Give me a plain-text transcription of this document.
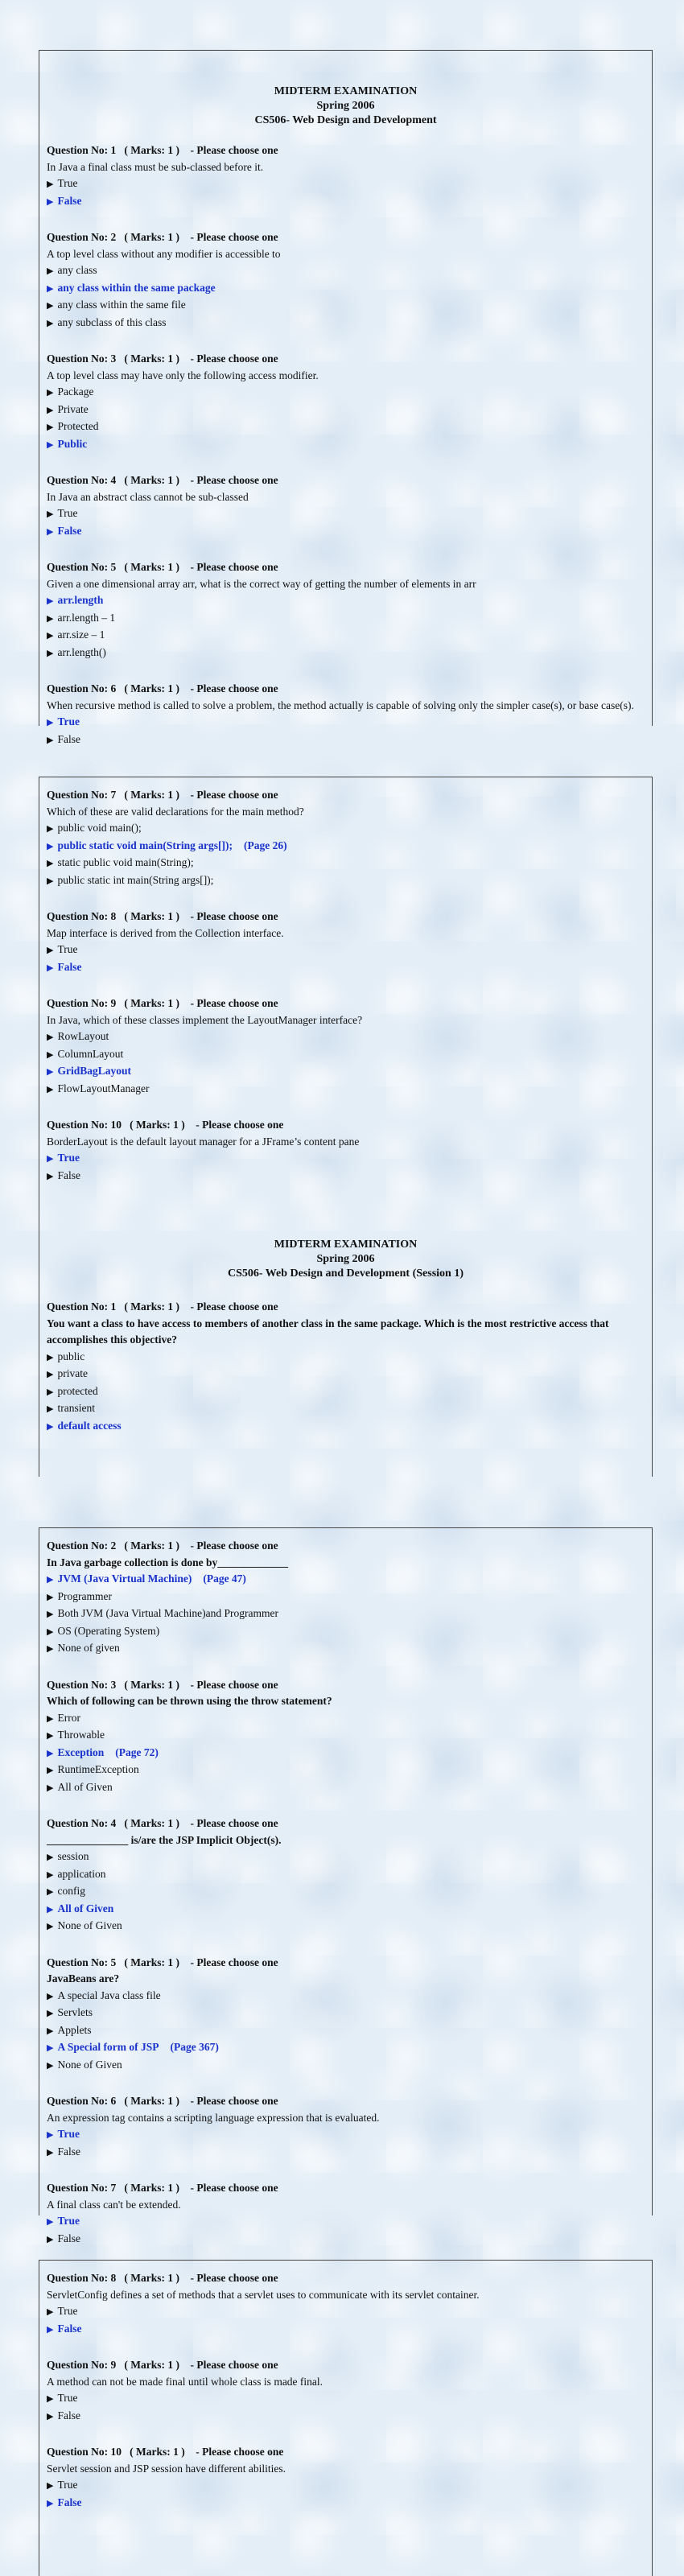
MIDTERM EXAMINATION
Spring 2006
CS506- Web Design and Development
Question No: 1 ( Marks: 1 ) - Please choose one
In Java a final class must be sub-classed before it.
▶ True
▶ False
Question No: 2 ( Marks: 1 ) - Please choose one
A top level class without any modifier is accessible to
▶ any class
▶ any class within the same package
▶ any class within the same file
▶ any subclass of this class
Question No: 3 ( Marks: 1 ) - Please choose one
A top level class may have only the following access modifier.
▶ Package
▶ Private
▶ Protected
▶ Public
Question No: 4 ( Marks: 1 ) - Please choose one
In Java an abstract class cannot be sub-classed
▶ True
▶ False
Question No: 5 ( Marks: 1 ) - Please choose one
Given a one dimensional array arr, what is the correct way of getting the number of elements in arr
▶ arr.length
▶ arr.length – 1
▶ arr.size – 1
▶ arr.length()
Question No: 6 ( Marks: 1 ) - Please choose one
When recursive method is called to solve a problem, the method actually is capable of solving only the simpler case(s), or base case(s).
▶ True
▶ False
Question No: 7 ( Marks: 1 ) - Please choose one
Which of these are valid declarations for the main method?
▶ public void main();
▶ public static void main(String args[]); (Page 26)
▶ static public void main(String);
▶ public static int main(String args[]);
Question No: 8 ( Marks: 1 ) - Please choose one
Map interface is derived from the Collection interface.
▶ True
▶ False
Question No: 9 ( Marks: 1 ) - Please choose one
In Java, which of these classes implement the LayoutManager interface?
▶ RowLayout
▶ ColumnLayout
▶ GridBagLayout
▶ FlowLayoutManager
Question No: 10 ( Marks: 1 ) - Please choose one
BorderLayout is the default layout manager for a JFrame’s content pane
▶ True
▶ False
MIDTERM EXAMINATION
Spring 2006
CS506- Web Design and Development (Session 1)
Question No: 1 ( Marks: 1 ) - Please choose one
You want a class to have access to members of another class in the same package. Which is the most restrictive access that accomplishes this objective?
▶ public
▶ private
▶ protected
▶ transient
▶ default access
Question No: 2 ( Marks: 1 ) - Please choose one
In Java garbage collection is done by_____________
▶ JVM (Java Virtual Machine) (Page 47)
▶ Programmer
▶ Both JVM (Java Virtual Machine)and Programmer
▶ OS (Operating System)
▶ None of given
Question No: 3 ( Marks: 1 ) - Please choose one
Which of following can be thrown using the throw statement?
▶ Error
▶ Throwable
▶ Exception (Page 72)
▶ RuntimeException
▶ All of Given
Question No: 4 ( Marks: 1 ) - Please choose one
_______________ is/are the JSP Implicit Object(s).
▶ session
▶ application
▶ config
▶ All of Given
▶ None of Given
Question No: 5 ( Marks: 1 ) - Please choose one
JavaBeans are?
▶ A special Java class file
▶ Servlets
▶ Applets
▶ A Special form of JSP (Page 367)
▶ None of Given
Question No: 6 ( Marks: 1 ) - Please choose one
An expression tag contains a scripting language expression that is evaluated.
▶ True
▶ False
Question No: 7 ( Marks: 1 ) - Please choose one
A final class can't be extended.
▶ True
▶ False
Question No: 8 ( Marks: 1 ) - Please choose one
ServletConfig defines a set of methods that a servlet uses to communicate with its servlet container.
▶ True
▶ False
Question No: 9 ( Marks: 1 ) - Please choose one
A method can not be made final until whole class is made final.
▶ True
▶ False
Question No: 10 ( Marks: 1 ) - Please choose one
Servlet session and JSP session have different abilities.
▶ True
▶ False
